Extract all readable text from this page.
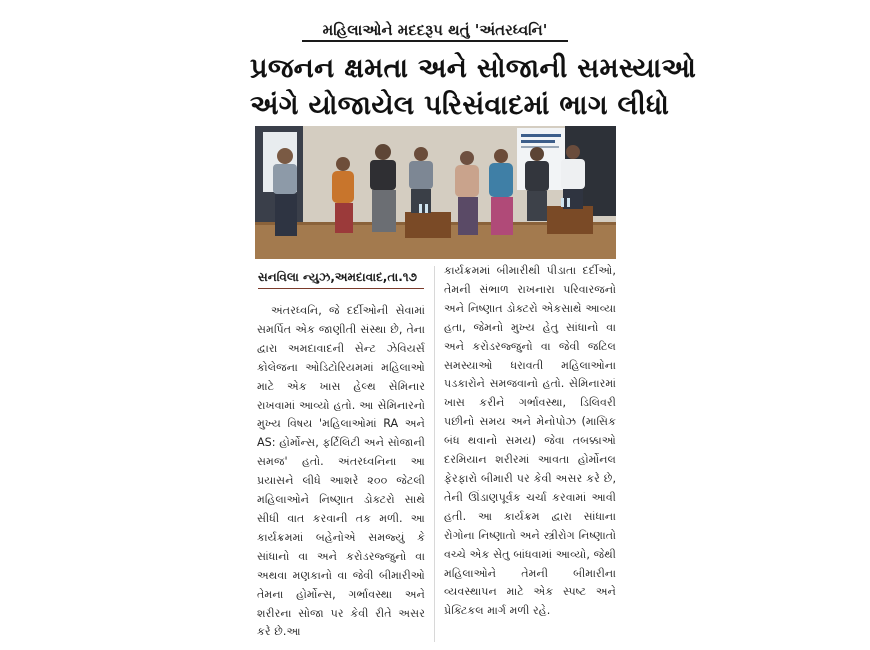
મહિલાઓને મદદરૂપ થતું 'અંતરધ્વનિ'
પ્રજનન ક્ષમતા અને સોજાની સમસ્યાઓ
અંગે યોજાયેલ પરિસંવાદમાં ભાગ લીધો
સનવિલા ન્યુઝ,અમદાવાદ,તા.૧૭
અંતરધ્વનિ, જે દર્દીઓની સેવામાં સમર્પિત એક જાણીતી સંસ્થા છે, તેના દ્વારા અમદાવાદની સેન્ટ ઝેવિયર્સ કોલેજના ઓડિટોરિયમમાં મહિલાઓ માટે એક ખાસ હેલ્થ સેમિનાર રાખવામાં આવ્યો હતો. આ સેમિનારનો મુખ્ય વિષય 'મહિલાઓમાં RA અને AS: હોર્મોન્સ, ફર્ટિલિટી અને સોજાની સમજ' હતો. અંતરધ્વનિના આ પ્રયાસને લીધે આશરે ૨૦૦ જેટલી મહિલાઓને નિષ્ણાત ડોક્ટરો સાથે સીધી વાત કરવાની તક મળી. આ કાર્યક્રમમાં બહેનોએ સમજ્યું કે સાંધાનો વા અને કરોડરજ્જુનો વા અથવા મણકાનો વા જેવી બીમારીઓ તેમના હોર્મોન્સ, ગર્ભાવસ્થા અને શરીરના સોજા પર કેવી રીતે અસર કરે છે.આ
કાર્યક્રમમાં બીમારીથી પીડાતા દર્દીઓ, તેમની સંભાળ રાખનારા પરિવારજનો અને નિષ્ણાત ડોક્ટરો એકસાથે આવ્યા હતા, જેમનો મુખ્ય હેતુ સાંધાનો વા અને કરોડરજ્જુનો વા જેવી જટિલ સમસ્યાઓ ધરાવતી મહિલાઓના પડકારોને સમજવાનો હતો. સેમિનારમાં ખાસ કરીને ગર્ભાવસ્થા, ડિલિવરી પછીનો સમય અને મેનોપોઝ (માસિક બંધ થવાનો સમય) જેવા તબક્કાઓ દરમિયાન શરીરમાં આવતા હોર્મોનલ ફેરફારો બીમારી પર કેવી અસર કરે છે, તેની ઊંડાણપૂર્વક ચર્ચા કરવામાં આવી હતી. આ કાર્યક્રમ દ્વારા સાંધાના રોગોના નિષ્ણાતો અને સ્ત્રીરોગ નિષ્ણાતો વચ્ચે એક સેતુ બાંધવામાં આવ્યો, જેથી મહિલાઓને તેમની બીમારીના વ્યવસ્થાપન માટે એક સ્પષ્ટ અને પ્રેક્ટિકલ માર્ગ મળી રહે.
